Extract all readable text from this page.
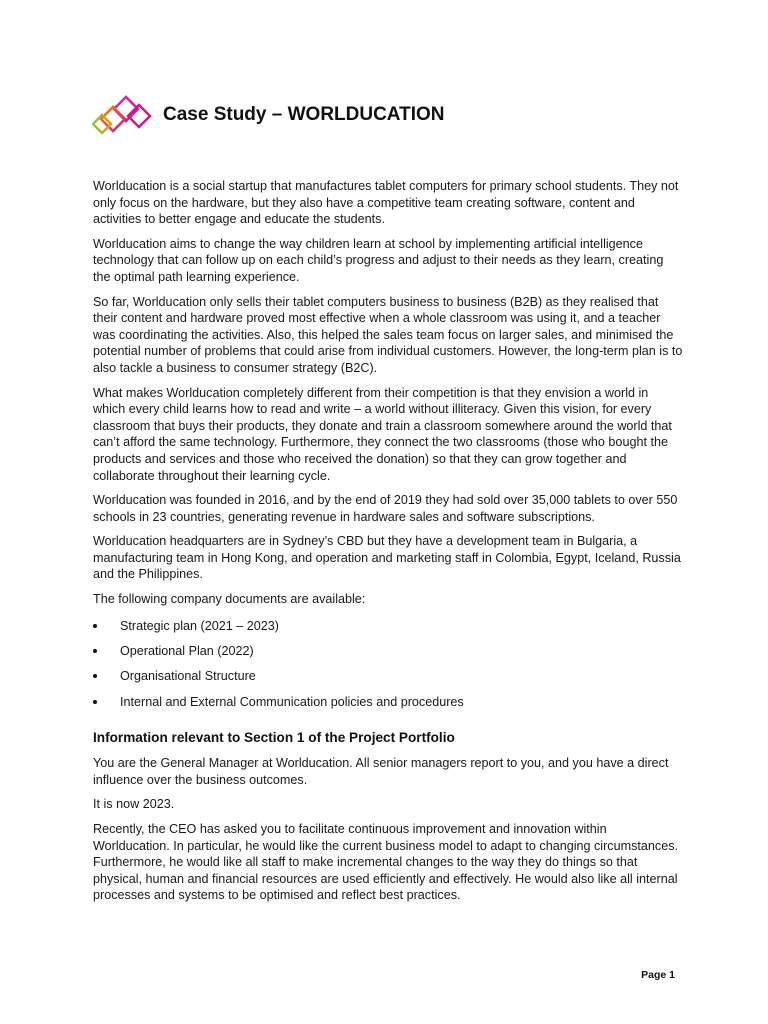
Case Study – WORLDUCATION

Worlducation is a social startup that manufactures tablet computers for primary school students. They not only focus on the hardware, but they also have a competitive team creating software, content and activities to better engage and educate the students.

Worlducation aims to change the way children learn at school by implementing artificial intelligence technology that can follow up on each child’s progress and adjust to their needs as they learn, creating the optimal path learning experience.

So far, Worlducation only sells their tablet computers business to business (B2B) as they realised that their content and hardware proved most effective when a whole classroom was using it, and a teacher was coordinating the activities. Also, this helped the sales team focus on larger sales, and minimised the potential number of problems that could arise from individual customers. However, the long-term plan is to also tackle a business to consumer strategy (B2C).

What makes Worlducation completely different from their competition is that they envision a world in which every child learns how to read and write – a world without illiteracy. Given this vision, for every classroom that buys their products, they donate and train a classroom somewhere around the world that can’t afford the same technology. Furthermore, they connect the two classrooms (those who bought the products and services and those who received the donation) so that they can grow together and collaborate throughout their learning cycle.

Worlducation was founded in 2016, and by the end of 2019 they had sold over 35,000 tablets to over 550 schools in 23 countries, generating revenue in hardware sales and software subscriptions.

Worlducation headquarters are in Sydney’s CBD but they have a development team in Bulgaria, a manufacturing team in Hong Kong, and operation and marketing staff in Colombia, Egypt, Iceland, Russia and the Philippines.

The following company documents are available:

Strategic plan (2021 – 2023)
Operational Plan (2022)
Organisational Structure
Internal and External Communication policies and procedures
Information relevant to Section 1 of the Project Portfolio

You are the General Manager at Worlducation. All senior managers report to you, and you have a direct influence over the business outcomes.

It is now 2023.

Recently, the CEO has asked you to facilitate continuous improvement and innovation within Worlducation. In particular, he would like the current business model to adapt to changing circumstances. Furthermore, he would like all staff to make incremental changes to the way they do things so that physical, human and financial resources are used efficiently and effectively. He would also like all internal processes and systems to be optimised and reflect best practices.

Page 1
